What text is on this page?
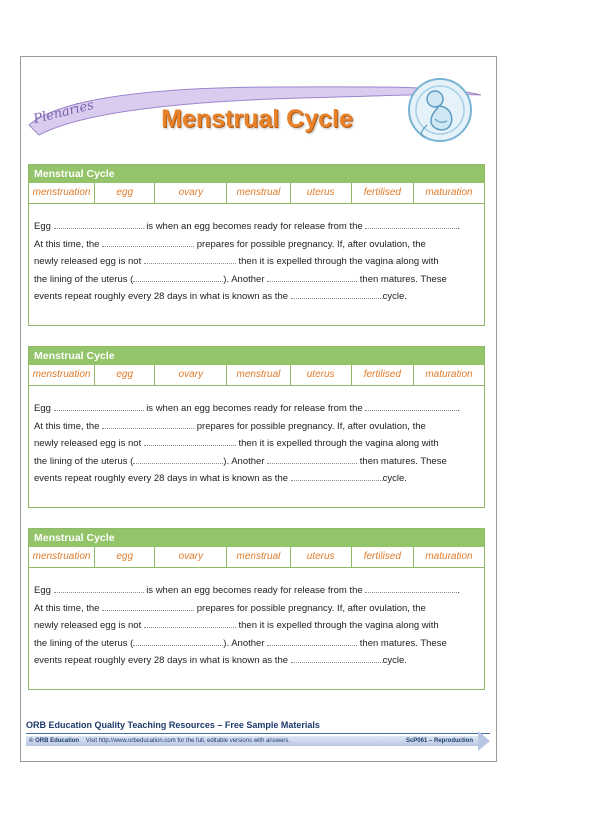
Plenaries	Menstrual Cycle
Menstrual Cycle
menstruation	egg	ovary	menstrual	uterus	fertilised	maturation
Egg	is when an egg becomes ready for release from the	.
At this time, the	prepares for possible pregnancy. If, after ovulation, the
newly released egg is not	then it is expelled through the vagina along with
the lining of the uterus (	). Another	then matures. These
events repeat roughly every 28 days in what is known as the	cycle.
Menstrual Cycle
menstruation	egg	ovary	menstrual	uterus	fertilised	maturation
Egg	is when an egg becomes ready for release from the	.
At this time, the	prepares for possible pregnancy. If, after ovulation, the
newly released egg is not	then it is expelled through the vagina along with
the lining of the uterus (	). Another	then matures. These
events repeat roughly every 28 days in what is known as the	cycle.
Menstrual Cycle
menstruation	egg	ovary	menstrual	uterus	fertilised	maturation
Egg	is when an egg becomes ready for release from the	.
At this time, the	prepares for possible pregnancy. If, after ovulation, the
newly released egg is not	then it is expelled through the vagina along with
the lining of the uterus (	). Another	then matures. These
events repeat roughly every 28 days in what is known as the	cycle.
ORB Education Quality Teaching Resources – Free Sample Materials
© ORB Education Visit http://www.orbeducation.com for the full, editable versions with answers.	ScP061 – Reproduction
